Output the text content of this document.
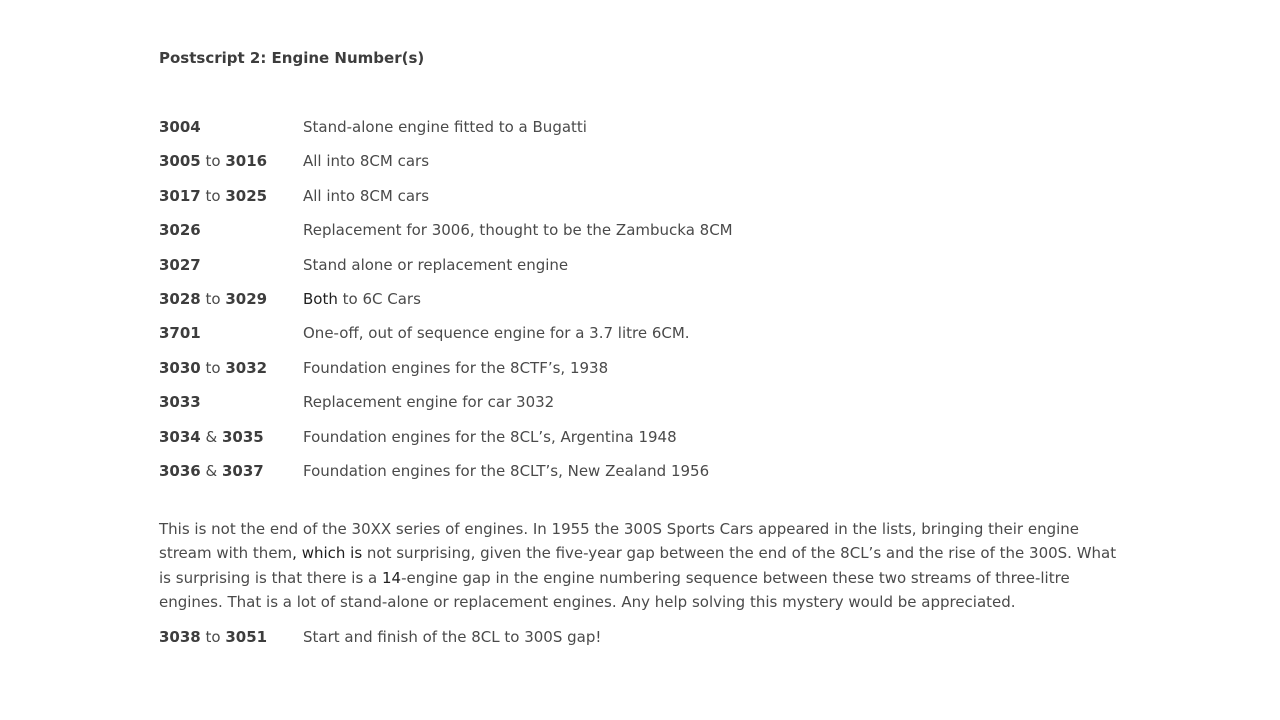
Postscript 2: Engine Number(s)
3004	Stand-alone engine fitted to a Bugatti
3005 to 3016	All into 8CM cars
3017 to 3025	All into 8CM cars
3026	Replacement for 3006, thought to be the Zambucka 8CM
3027	Stand alone or replacement engine
3028 to 3029	Both to 6C Cars
3701	One-off, out of sequence engine for a 3.7 litre 6CM.
3030 to 3032	Foundation engines for the 8CTF’s, 1938
3033	Replacement engine for car 3032
3034 & 3035	Foundation engines for the 8CL’s, Argentina 1948
3036 & 3037	Foundation engines for the 8CLT’s, New Zealand 1956

This is not the end of the 30XX series of engines. In 1955 the 300S Sports Cars appeared in the lists, bringing their engine stream with them, which is not surprising, given the five-year gap between the end of the 8CL’s and the rise of the 300S. What is surprising is that there is a 14-engine gap in the engine numbering sequence between these two streams of three-litre engines. That is a lot of stand-alone or replacement engines. Any help solving this mystery would be appreciated.

3038 to 3051	Start and finish of the 8CL to 300S gap!
